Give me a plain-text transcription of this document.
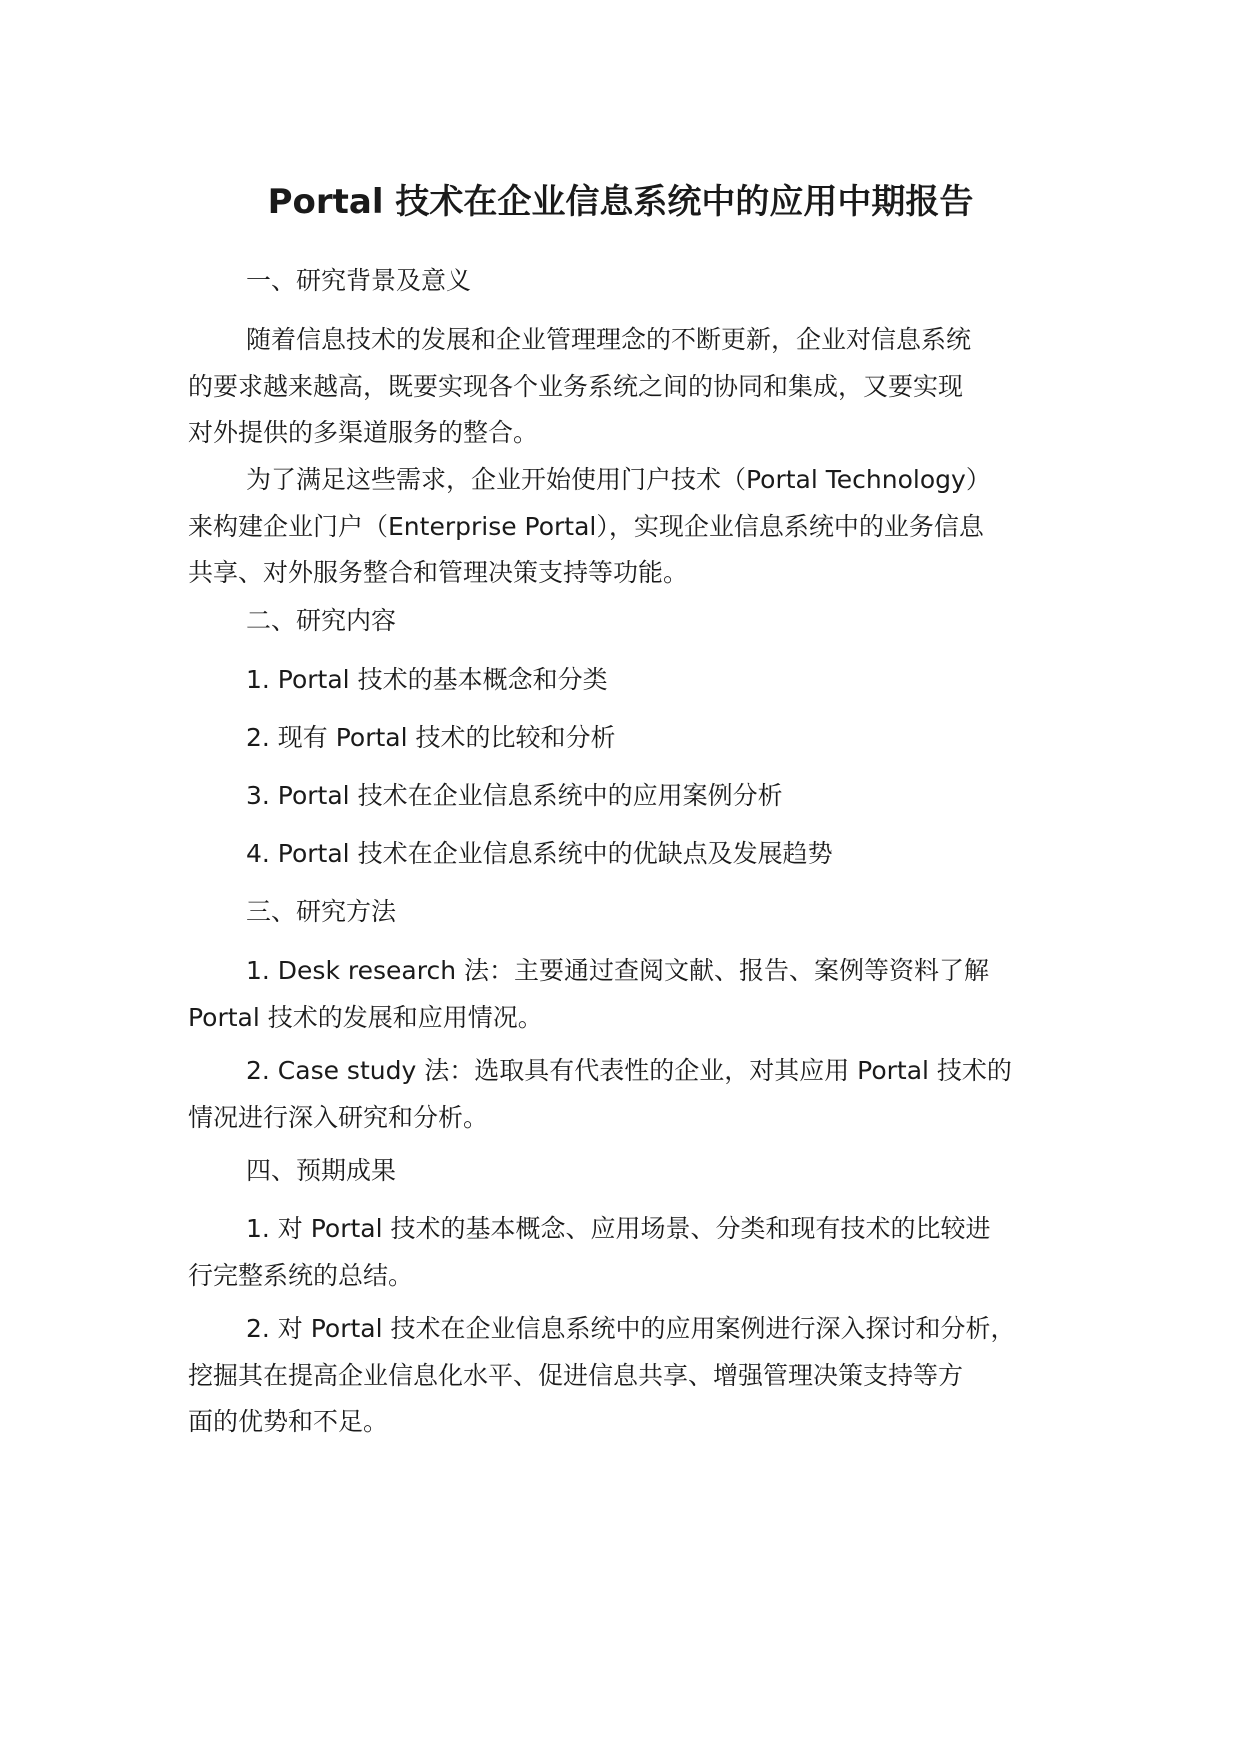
Portal 技术在企业信息系统中的应用中期报告
一、研究背景及意义
随着信息技术的发展和企业管理理念的不断更新，企业对信息系统
的要求越来越高，既要实现各个业务系统之间的协同和集成，又要实现
对外提供的多渠道服务的整合。
为了满足这些需求，企业开始使用门户技术（Portal Technology）
来构建企业门户（Enterprise Portal），实现企业信息系统中的业务信息
共享、对外服务整合和管理决策支持等功能。
二、研究内容
1. Portal 技术的基本概念和分类
2. 现有 Portal 技术的比较和分析
3. Portal 技术在企业信息系统中的应用案例分析
4. Portal 技术在企业信息系统中的优缺点及发展趋势
三、研究方法
1. Desk research 法：主要通过查阅文献、报告、案例等资料了解
Portal 技术的发展和应用情况。
2. Case study 法：选取具有代表性的企业，对其应用 Portal 技术的
情况进行深入研究和分析。
四、预期成果
1. 对 Portal 技术的基本概念、应用场景、分类和现有技术的比较进
行完整系统的总结。
2. 对 Portal 技术在企业信息系统中的应用案例进行深入探讨和分析，
挖掘其在提高企业信息化水平、促进信息共享、增强管理决策支持等方
面的优势和不足。
